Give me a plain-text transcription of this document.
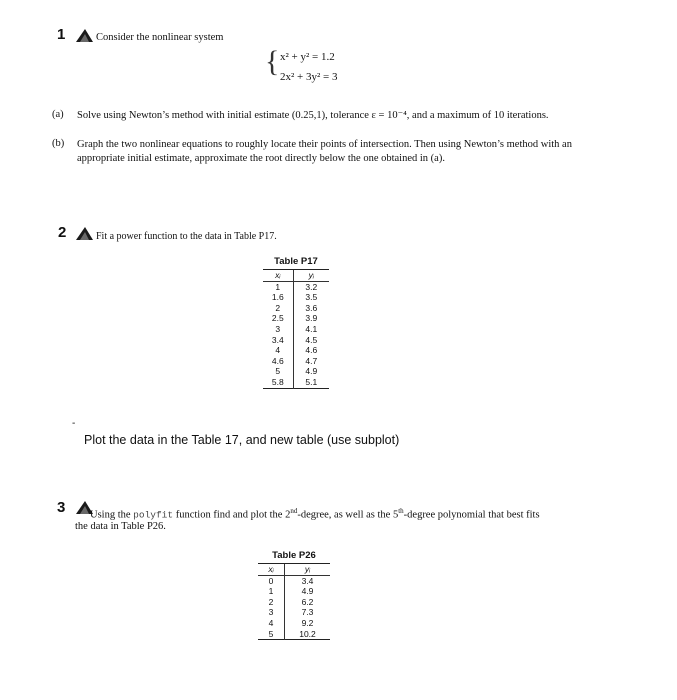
1	Consider the nonlinear system
{ x² + y² = 1.2
2x² + 3y² = 3
(a) Solve using Newton’s method with initial estimate (0.25,1), tolerance ε = 10⁻⁴, and a maximum of 10 iterations.
(b) Graph the two nonlinear equations to roughly locate their points of intersection. Then using Newton’s method with an appropriate initial estimate, approximate the root directly below the one obtained in (a).
2	Fit a power function to the data in Table P17.
Table P17
xᵢ	yᵢ
1	3.2
1.6	3.5
2	3.6
2.5	3.9
3	4.1
3.4	4.5
4	4.6
4.6	4.7
5	4.9
5.8	5.1
-
Plot the data in the Table 17, and new table (use subplot)
3 Using the polyfit function find and plot the 2nd-degree, as well as the 5th-degree polynomial that best fits
the data in Table P26.
Table P26
xᵢ	yᵢ
0	3.4
1	4.9
2	6.2
3	7.3
4	9.2
5	10.2
